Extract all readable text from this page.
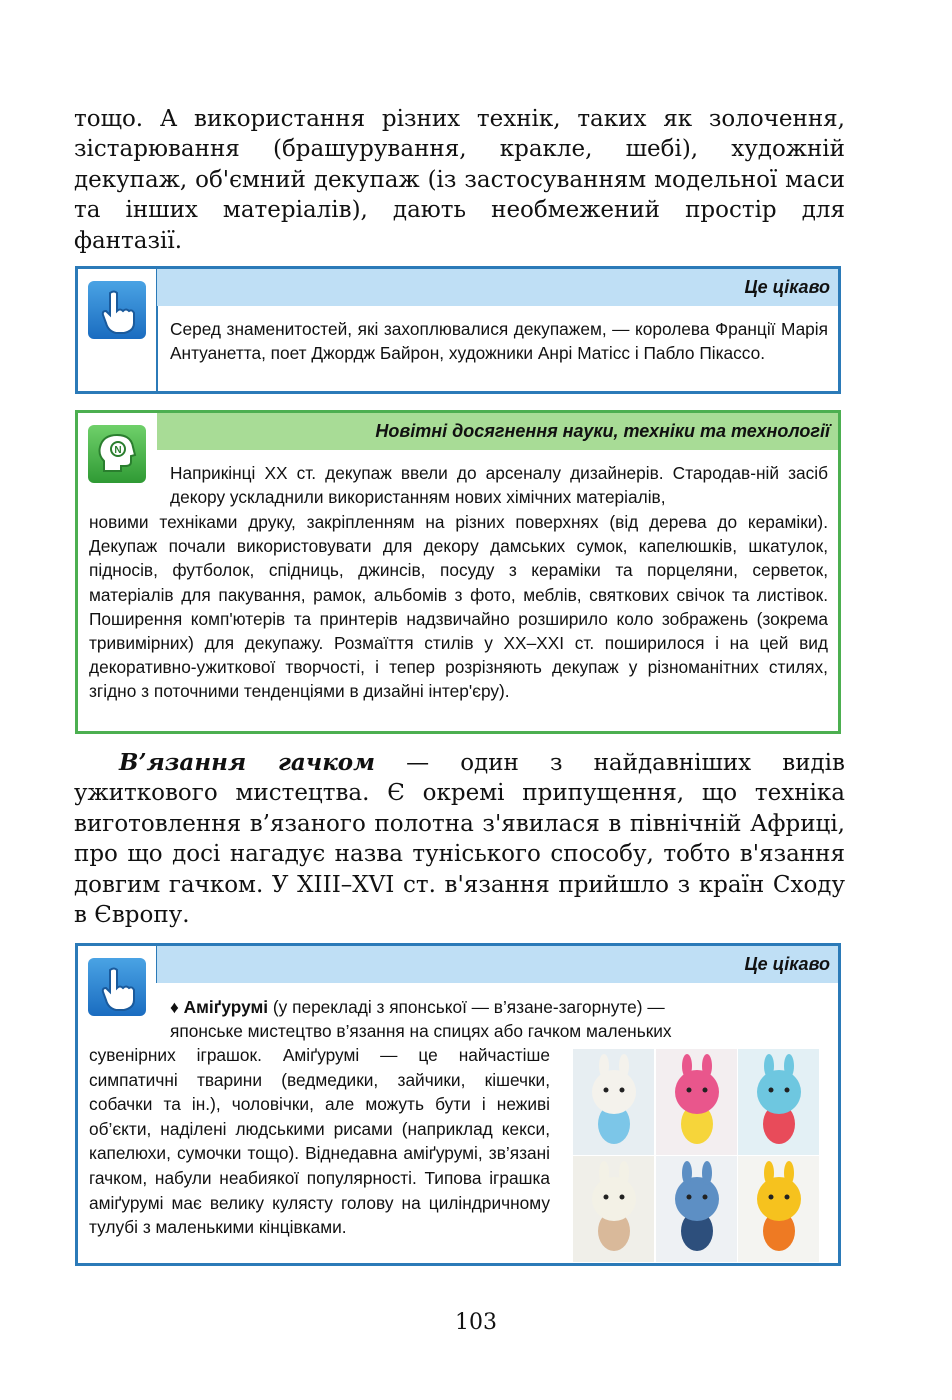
тощо. А використання різних технік, таких як золочення, зістарювання (брашурування, кракле, шебі), художній декупаж, об'ємний декупаж (із застосуванням модельної маси та інших матеріалів), дають необмежений простір для фантазії.

Це цікаво
Серед знаменитостей, які захоплювалися декупажем, — королева Франції Марія Антуанетта, поет Джордж Байрон, художники Анрі Матісс і Пабло Пікассо.
N
Новітні досягнення науки, техніки та технології
Наприкінці XX ст. декупаж ввели до арсеналу дизайнерів. Стародав-ній засіб декору ускладнили використанням нових хімічних матеріалів,
новими техніками друку, закріпленням на різних поверхнях (від дерева до кераміки). Декупаж почали використовувати для декору дамських сумок, капелюшків, шкатулок, підносів, футболок, спідниць, джинсів, посуду з кераміки та порцеляни, серветок, матеріалів для пакування, рамок, альбомів з фото, меблів, святкових свічок та листівок. Поширення комп'ютерів та принтерів надзвичайно розширило коло зображень (зокрема тривимірних) для декупажу. Розмаїття стилів у XX–XXI ст. поширилося і на цей вид декоративно-ужиткової творчості, і тепер розрізняють декупаж у різноманітних стилях, згідно з поточними тенденціями в дизайні інтер'єру).

В’язання гачком — один з найдавніших видів ужиткового мистецтва. Є окремі припущення, що техніка виготовлення в’язаного полотна з'явилася в північній Африці, про що досі нагадує назва туніського способу, тобто в'язання довгим гачком. У XIII–XVI ст. в'язання прийшло з країн Сходу в Європу.

Це цікаво
♦ Аміґурумі (у перекладі з японської — в’язане-загорнуте) —
японське мистецтво в’язання на спицях або гачком маленьких
сувенірних іграшок. Аміґурумі — це найчастіше симпатичні тварини (ведмедики, зайчики, кішечки, собачки та ін.), чоловічки, але можуть бути і неживі об’єкти, наділені людськими рисами (наприклад кекси, капелюхи, сумочки тощо). Віднедавна аміґурумі, зв’язані гачком, набули неабиякої популярності. Типова іграшка аміґурумі має велику кулясту голову на циліндричному тулубі з маленькими кінцівками.
103
